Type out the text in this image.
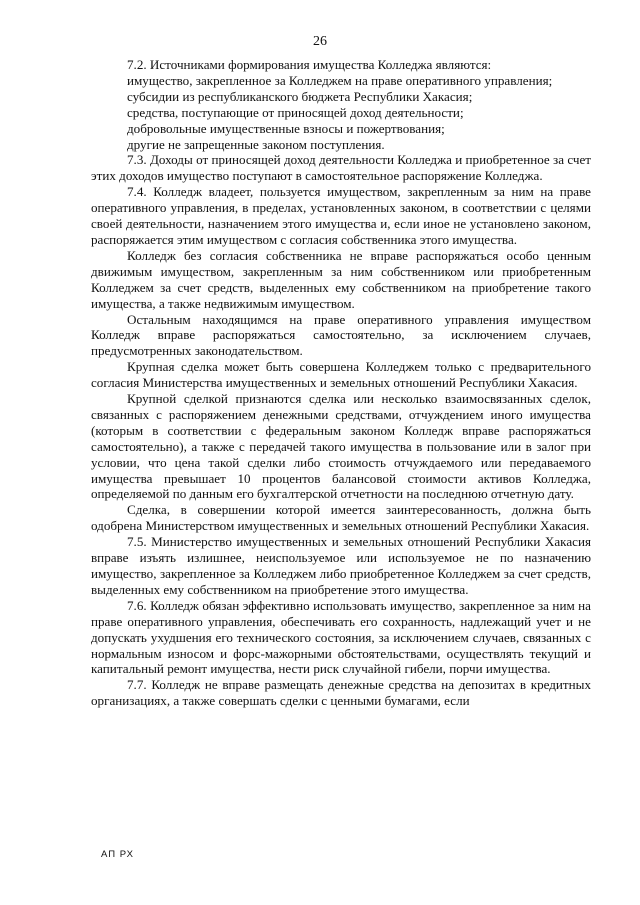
26

7.2. Источниками формирования имущества Колледжа являются:

имущество, закрепленное за Колледжем на праве оперативного управления;

субсидии из республиканского бюджета Республики Хакасия;

средства, поступающие от приносящей доход деятельности;

добровольные имущественные взносы и пожертвования;

другие не запрещенные законом поступления.

7.3. Доходы от приносящей доход деятельности Колледжа и приобретенное за счет этих доходов имущество поступают в самостоятельное распоряжение Колледжа.

7.4. Колледж владеет, пользуется имуществом, закрепленным за ним на праве оперативного управления, в пределах, установленных законом, в соответствии с целями своей деятельности, назначением этого имущества и, если иное не установлено законом, распоряжается этим имуществом с согласия собственника этого имущества.

Колледж без согласия собственника не вправе распоряжаться особо ценным движимым имуществом, закрепленным за ним собственником или приобретенным Колледжем за счет средств, выделенных ему собственником на приобретение такого имущества, а также недвижимым имуществом.

Остальным находящимся на праве оперативного управления имуществом Колледж вправе распоряжаться самостоятельно, за исключением случаев, предусмотренных законодательством.

Крупная сделка может быть совершена Колледжем только с предварительного согласия Министерства имущественных и земельных отношений Республики Хакасия.

Крупной сделкой признаются сделка или несколько взаимосвязанных сделок, связанных с распоряжением денежными средствами, отчуждением иного имущества (которым в соответствии с федеральным законом Колледж вправе распоряжаться самостоятельно), а также с передачей такого имущества в пользование или в залог при условии, что цена такой сделки либо стоимость отчуждаемого или передаваемого имущества превышает 10 процентов балансовой стоимости активов Колледжа, определяемой по данным его бухгалтерской отчетности на последнюю отчетную дату.

Сделка, в совершении которой имеется заинтересованность, должна быть одобрена Министерством имущественных и земельных отношений Республики Хакасия.

7.5. Министерство имущественных и земельных отношений Республики Хакасия вправе изъять излишнее, неиспользуемое или используемое не по назначению имущество, закрепленное за Колледжем либо приобретенное Колледжем за счет средств, выделенных ему собственником на приобретение этого имущества.

7.6. Колледж обязан эффективно использовать имущество, закрепленное за ним на праве оперативного управления, обеспечивать его сохранность, надлежащий учет и не допускать ухудшения его технического состояния, за исключением случаев, связанных с нормальным износом и форс-мажорными обстоятельствами, осуществлять текущий и капитальный ремонт имущества, нести риск случайной гибели, порчи имущества.

7.7. Колледж не вправе размещать денежные средства на депозитах в кредитных организациях, а также совершать сделки с ценными бумагами, если

АП РХ
